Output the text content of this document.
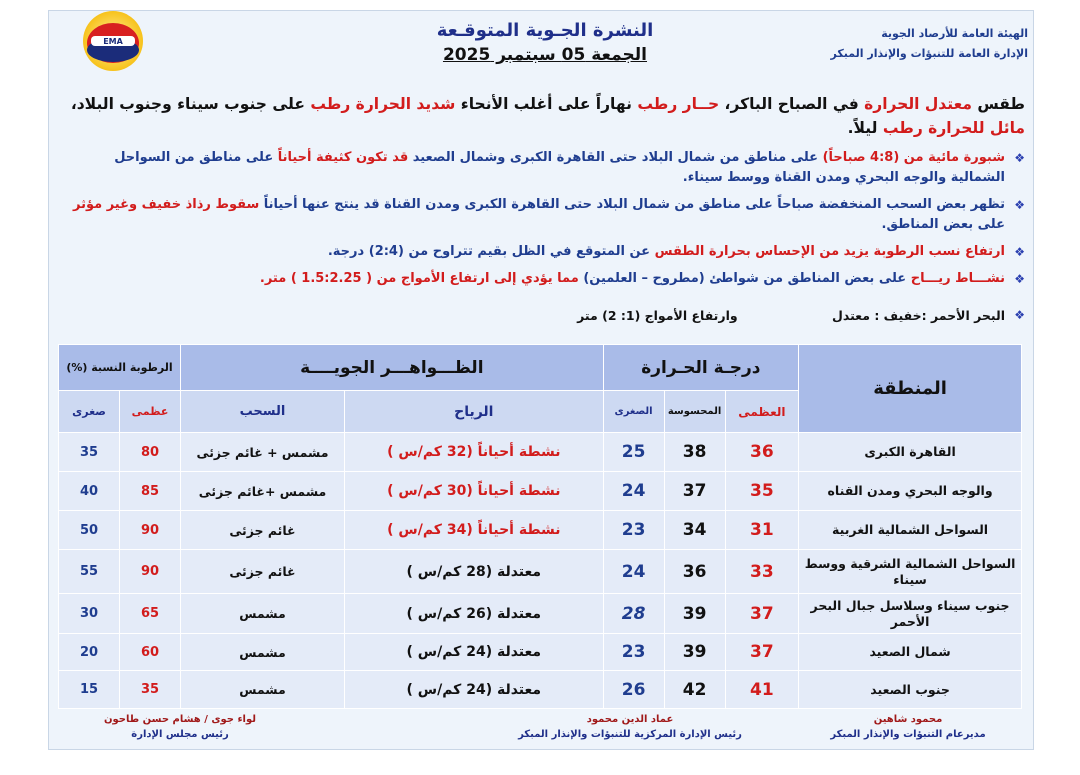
EMA
الهيئة العامة للأرصاد الجوية
الإدارة العامة للتنبؤات والإنذار المبكر
النشرة الجـوية المتوقـعة
الجمعة 05 سبتمبر 2025
طقس معتدل الحرارة في الصباح الباكر، حــار رطب نهاراً على أغلب الأنحاء شديد الحرارة رطب على جنوب سيناء وجنوب البلاد،
مائل للحرارة رطب ليلاً.
❖ شبورة مائية من (4:8 صباحاً) على مناطق من شمال البلاد حتى القاهرة الكبرى وشمال الصعيد قد تكون كثيفة أحياناً على مناطق من السواحل الشمالية والوجه البحري ومدن القناة ووسط سيناء.
❖ تظهر بعض السحب المنخفضة صباحاً على مناطق من شمال البلاد حتى القاهرة الكبرى ومدن القناة قد ينتج عنها أحياناً سقوط رذاذ خفيف وغير مؤثر على بعض المناطق.
❖ ارتفاع نسب الرطوبة يزيد من الإحساس بحرارة الطقس عن المتوقع في الظل بقيم تتراوح من (2:4) درجة.
❖ نشـــاط ريـــاح على بعض المناطق من شواطئ (مطروح – العلمين) مما يؤدي إلى ارتفاع الأمواج من ( 1.5:2.25 ) متر.
❖ البحر الأحمر :خفيف : معتدل وارتفاع الأمواج (1: 2) متر
المنطقة	درجـة الحـرارة			الظـــواهـــر الجويــــة		الرطوبة النسبة (%)	
	العظمى	المحسوسة	الصغرى	الرياح	السحب	عظمى	صغرى
القاهرة الكبرى	36	38	25	نشطة أحياناً (32 كم/س )	مشمس + غائم جزئى	80	35
والوجه البحري ومدن القناه	35	37	24	نشطة أحياناً (30 كم/س )	مشمس +غائم جزئى	85	40
السواحل الشمالية الغربية	31	34	23	نشطة أحياناً (34 كم/س )	غائم جزئى	90	50
السواحل الشمالية الشرقية ووسط سيناء	33	36	24	معتدلة (28 كم/س )	غائم جزئى	90	55
جنوب سيناء وسلاسل جبال البحر الأحمر	37	39	28	معتدلة (26 كم/س )	مشمس	65	30
شمال الصعيد	37	39	23	معتدلة (24 كم/س )	مشمس	60	20
جنوب الصعيد	41	42	26	معتدلة (24 كم/س )	مشمس	35	15
محمود شاهين
مديرعام التنبؤات والإنذار المبكر
عماد الدين محمود
رئيس الإدارة المركزية للتنبؤات والإنذار المبكر
لواء جوى / هشام حسن طاحون
رئيس مجلس الإدارة
